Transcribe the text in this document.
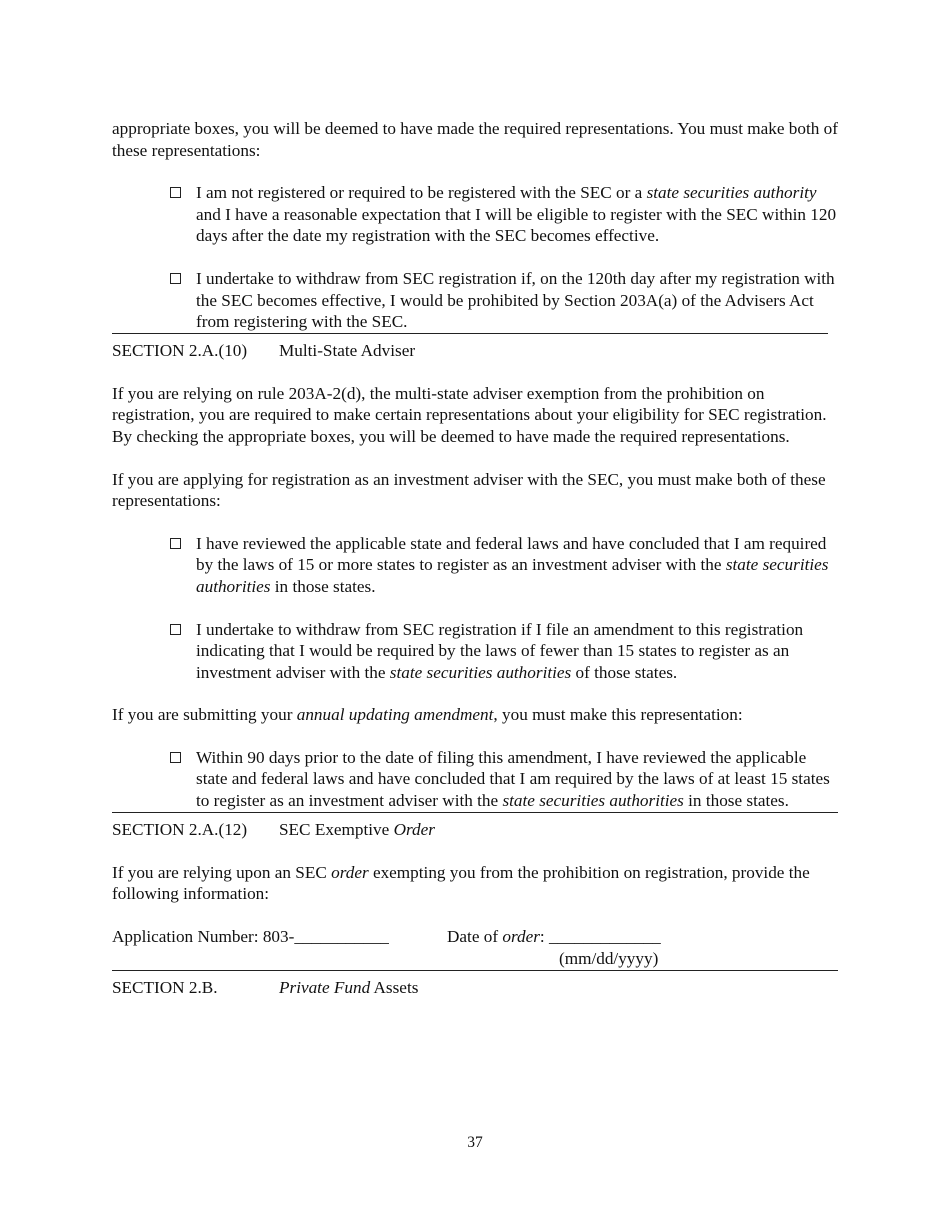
appropriate boxes, you will be deemed to have made the required representations. You must make both of these representations:

I am not registered or required to be registered with the SEC or a state securities authority and I have a reasonable expectation that I will be eligible to register with the SEC within 120 days after the date my registration with the SEC becomes effective.
I undertake to withdraw from SEC registration if, on the 120th day after my registration with the SEC becomes effective, I would be prohibited by Section 203A(a) of the Advisers Act from registering with the SEC.
SECTION 2.A.(10) Multi-State Adviser

If you are relying on rule 203A-2(d), the multi-state adviser exemption from the prohibition on registration, you are required to make certain representations about your eligibility for SEC registration. By checking the appropriate boxes, you will be deemed to have made the required representations.

If you are applying for registration as an investment adviser with the SEC, you must make both of these representations:

I have reviewed the applicable state and federal laws and have concluded that I am required by the laws of 15 or more states to register as an investment adviser with the state securities authorities in those states.
I undertake to withdraw from SEC registration if I file an amendment to this registration indicating that I would be required by the laws of fewer than 15 states to register as an investment adviser with the state securities authorities of those states.

If you are submitting your annual updating amendment, you must make this representation:

Within 90 days prior to the date of filing this amendment, I have reviewed the applicable state and federal laws and have concluded that I am required by the laws of at least 15 states to register as an investment adviser with the state securities authorities in those states.
SECTION 2.A.(12) SEC Exemptive Order

If you are relying upon an SEC order exempting you from the prohibition on registration, provide the following information:

Application Number: 803-___________	Date of order: _____________
(mm/dd/yyyy)
SECTION 2.B.	Private Fund Assets
37
